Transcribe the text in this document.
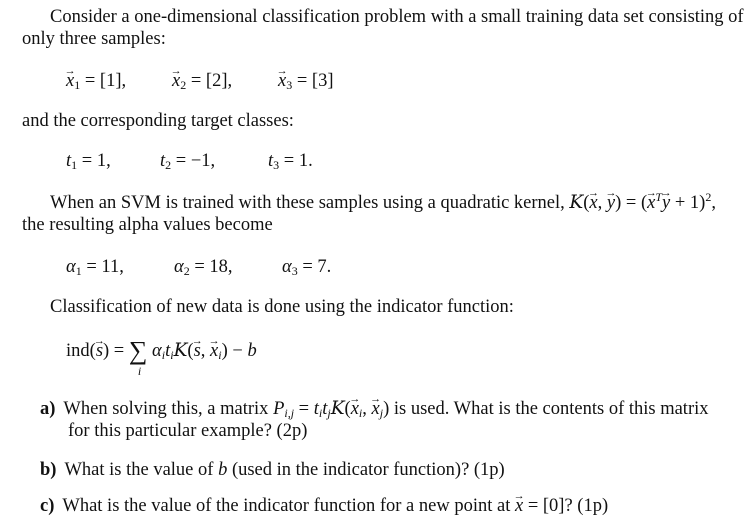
Consider a one-dimensional classification problem with a small training data set consisting of
only three samples:
→ $x_1 = [1]$, → $x_2 = [2]$, → $x_3 = [3]$
and the corresponding target classes:
$t_1 = 1$,	$t_2 = -1$,	$t_3 = 1$.
When an SVM is trained with these samples using a quadratic kernel, K(→ x, → y) = (→ $x^T\to y + 1)^2$,
the resulting alpha values become
$\alpha_1 = 11$,	$\alpha_2 = 18$,	$\alpha_3 = 7$.
Classification of new data is done using the indicator function:
ind(→ s) = ∑
i
$\alpha_it_iK(\to s$, → $x_i) - b$
a) When solving this, a matrix $P_{i,j} = t_it_jK(\to x_i$, → $x_j$) is used. What is the contents of this matrix
for this particular example? (2p)
b) What is the value of b (used in the indicator function)? (1p)
c) What is the value of the indicator function for a new point at → x = [0]? (1p)
